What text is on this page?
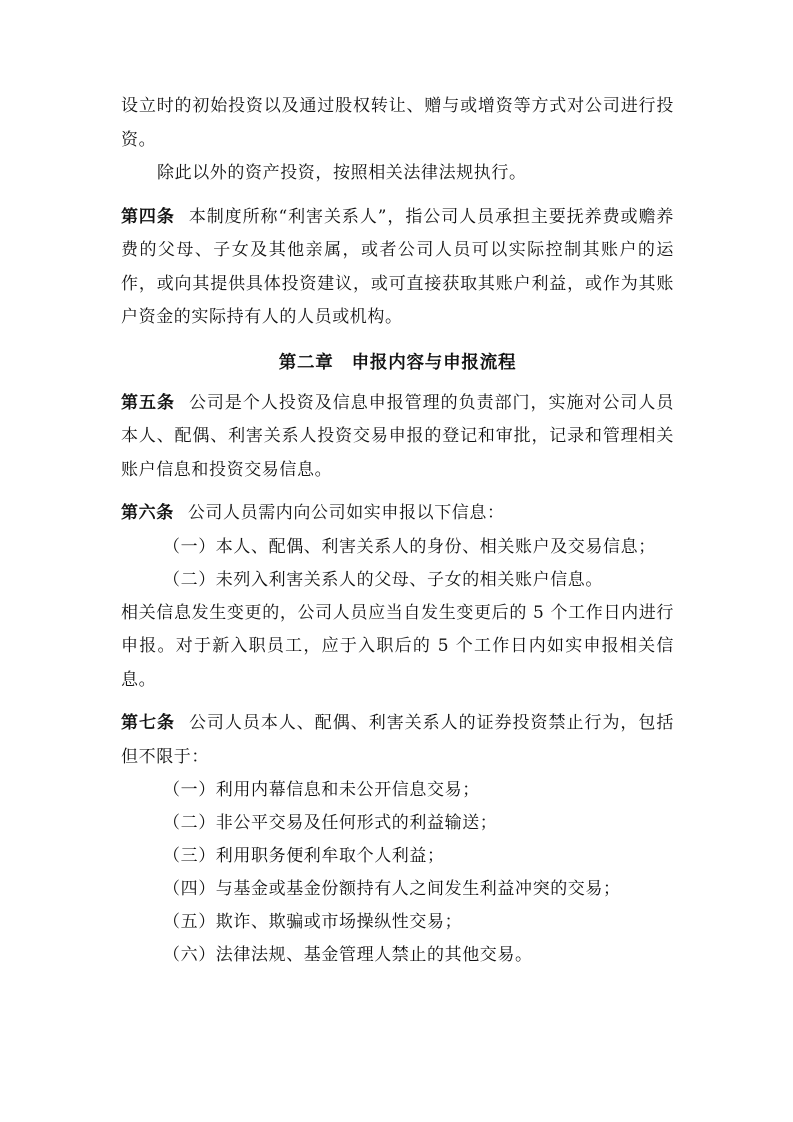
设立时的初始投资以及通过股权转让、赠与或增资等方式对公司进行投资。

除此以外的资产投资，按照相关法律法规执行。

第四条 本制度所称“利害关系人”，指公司人员承担主要抚养费或赡养费的父母、子女及其他亲属，或者公司人员可以实际控制其账户的运作，或向其提供具体投资建议，或可直接获取其账户利益，或作为其账户资金的实际持有人的人员或机构。

第二章 申报内容与申报流程

第五条 公司是个人投资及信息申报管理的负责部门，实施对公司人员本人、配偶、利害关系人投资交易申报的登记和审批，记录和管理相关账户信息和投资交易信息。

第六条 公司人员需内向公司如实申报以下信息：

（一）本人、配偶、利害关系人的身份、相关账户及交易信息；

（二）未列入利害关系人的父母、子女的相关账户信息。

相关信息发生变更的，公司人员应当自发生变更后的 5 个工作日内进行申报。对于新入职员工，应于入职后的 5 个工作日内如实申报相关信息。

第七条 公司人员本人、配偶、利害关系人的证券投资禁止行为，包括但不限于：

（一）利用内幕信息和未公开信息交易；

（二）非公平交易及任何形式的利益输送；

（三）利用职务便利牟取个人利益；

（四）与基金或基金份额持有人之间发生利益冲突的交易；

（五）欺诈、欺骗或市场操纵性交易；

（六）法律法规、基金管理人禁止的其他交易。
